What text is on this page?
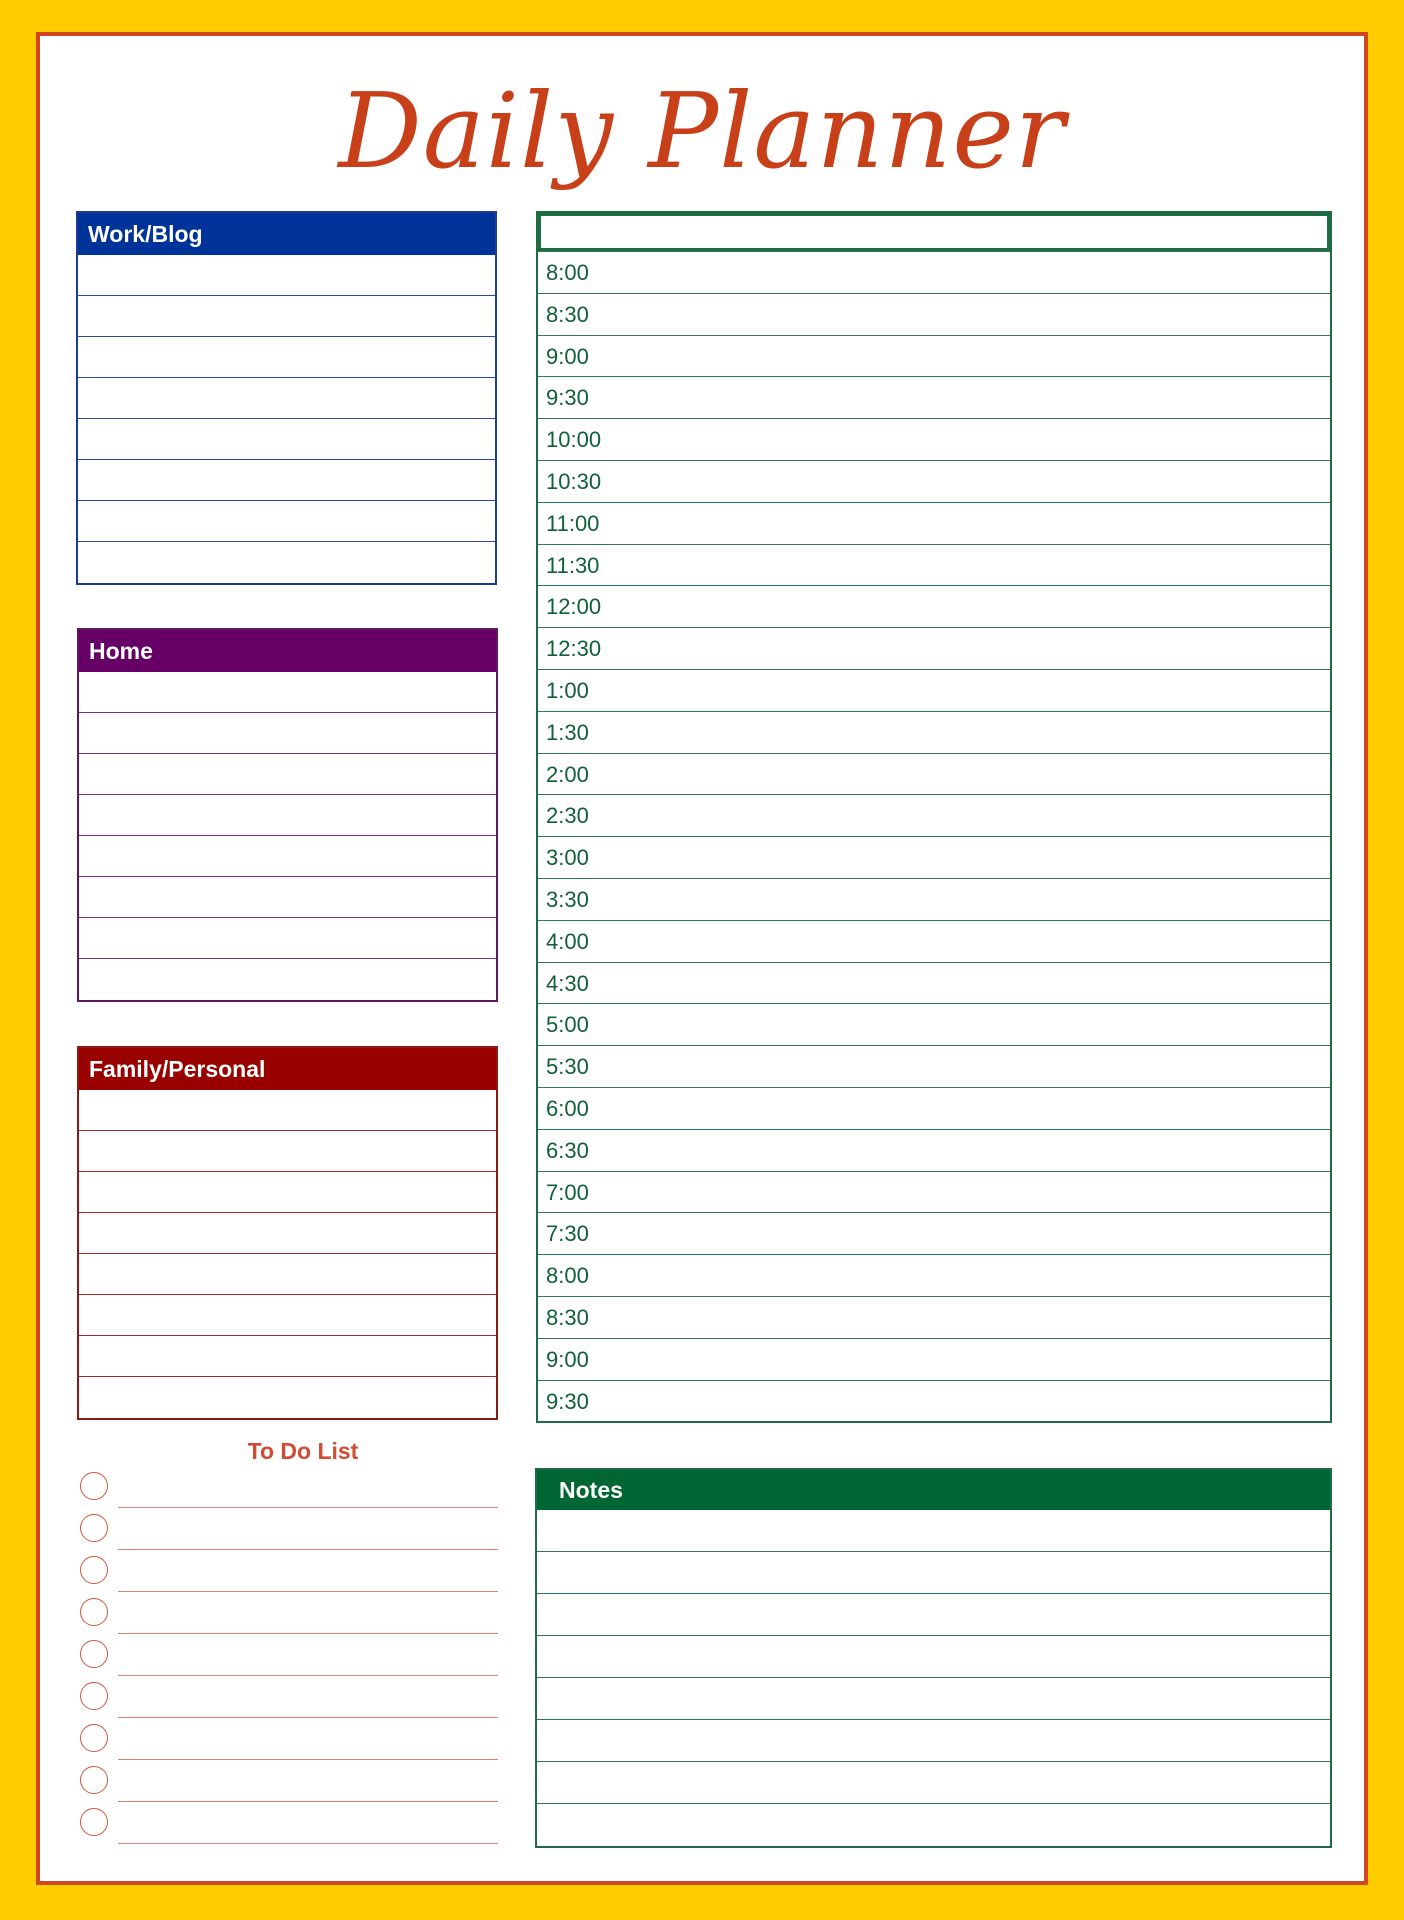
Daily Planner
Work/Blog
Home
Family/Personal
8:00
8:30
9:00
9:30
10:00
10:30
11:00
11:30
12:00
12:30
1:00
1:30
2:00
2:30
3:00
3:30
4:00
4:30
5:00
5:30
6:00
6:30
7:00
7:30
8:00
8:30
9:00
9:30
To Do List
Notes
